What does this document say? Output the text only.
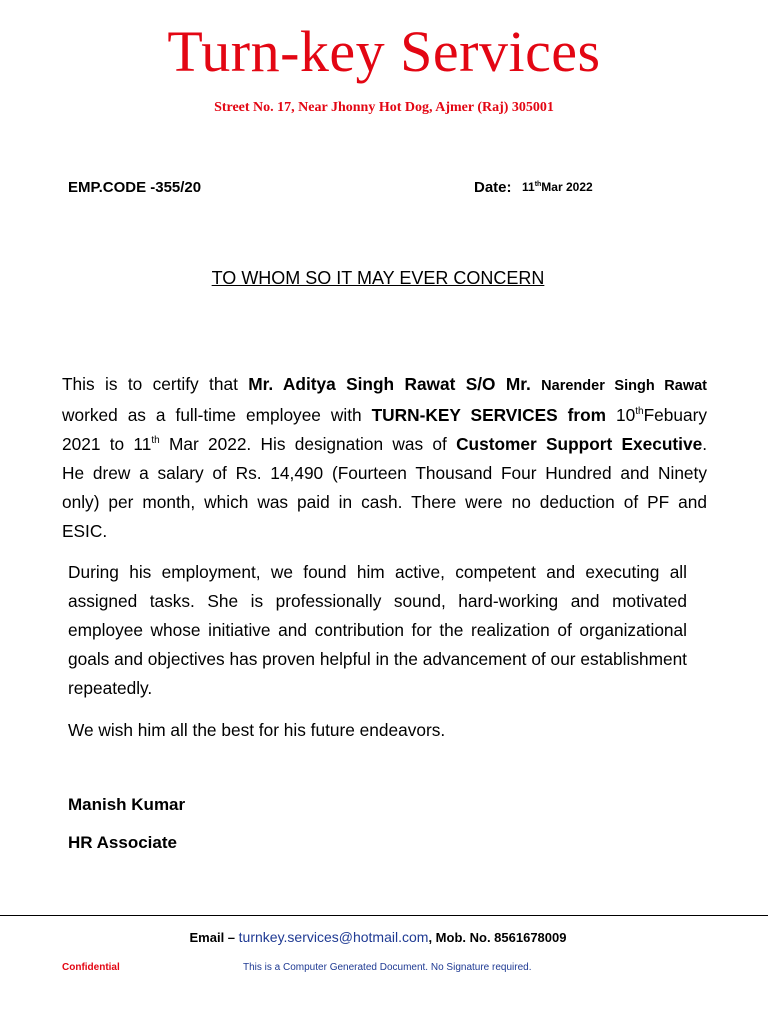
Turn-key Services
Street No. 17, Near Jhonny Hot Dog, Ajmer (Raj) 305001
EMP.CODE -355/20	Date: 11thMar 2022
TO WHOM SO IT MAY EVER CONCERN
This is to certify that Mr. Aditya Singh Rawat S/O Mr. Narender Singh Rawat
worked as a full-time employee with TURN-KEY SERVICES from 10thFebuary
2021 to 11th Mar 2022. His designation was of Customer Support Executive.
He drew a salary of Rs. 14,490 (Fourteen Thousand Four Hundred and Ninety
only) per month, which was paid in cash. There were no deduction of PF and
ESIC.
During his employment, we found him active, competent and executing all assigned tasks. She is professionally sound, hard-working and motivated employee whose initiative and contribution for the realization of organizational goals and objectives has proven helpful in the advancement of our establishment repeatedly.
We wish him all the best for his future endeavors.
Manish Kumar
HR Associate
Email – turnkey.services@hotmail.com, Mob. No. 8561678009
Confidential	This is a Computer Generated Document. No Signature required.
